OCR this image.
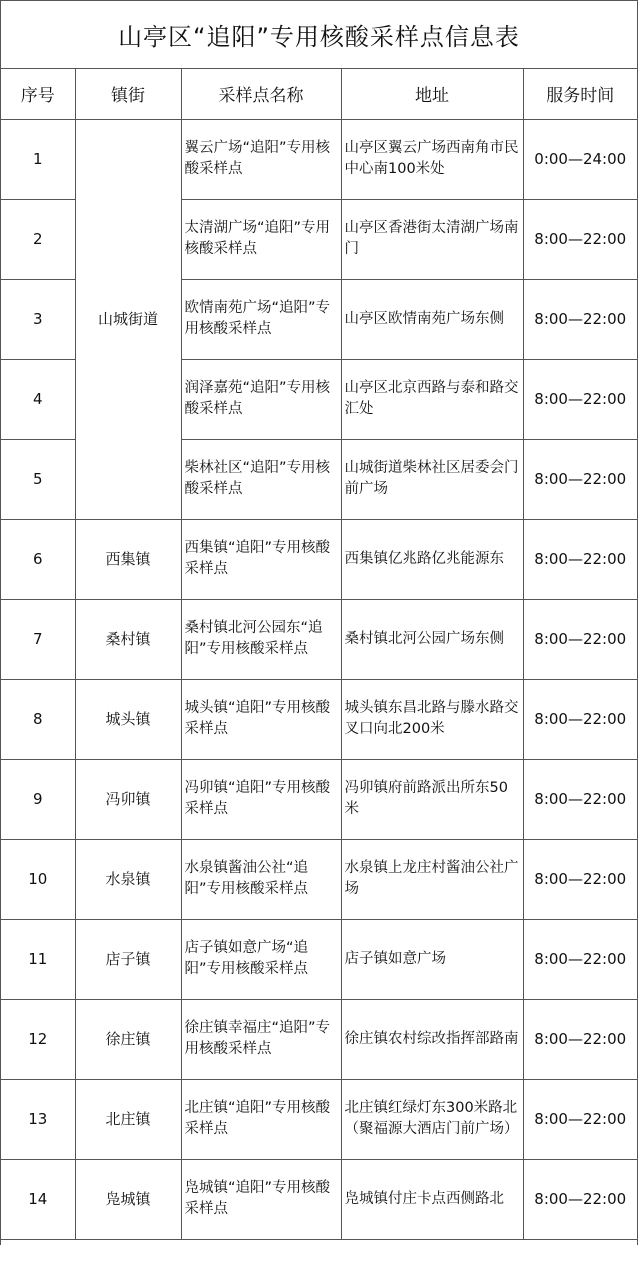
山亭区“追阳”专用核酸采样点信息表
序号	镇街	采样点名称	地址	服务时间
1	山城街道	翼云广场“追阳”专用核酸采样点	山亭区翼云广场西南角市民中心南100米处	0:00—24:00
2		太清湖广场“追阳”专用核酸采样点	山亭区香港街太清湖广场南门	8:00—22:00
3		欧情南苑广场“追阳”专用核酸采样点	山亭区欧情南苑广场东侧	8:00—22:00
4		润泽嘉苑“追阳”专用核酸采样点	山亭区北京西路与泰和路交汇处	8:00—22:00
5		柴林社区“追阳”专用核酸采样点	山城街道柴林社区居委会门前广场	8:00—22:00
6	西集镇	西集镇“追阳”专用核酸采样点	西集镇亿兆路亿兆能源东	8:00—22:00
7	桑村镇	桑村镇北河公园东“追阳”专用核酸采样点	桑村镇北河公园广场东侧	8:00—22:00
8	城头镇	城头镇“追阳”专用核酸采样点	城头镇东昌北路与滕水路交叉口向北200米	8:00—22:00
9	冯卯镇	冯卯镇“追阳”专用核酸采样点	冯卯镇府前路派出所东50米	8:00—22:00
10	水泉镇	水泉镇酱油公社“追阳”专用核酸采样点	水泉镇上龙庄村酱油公社广场	8:00—22:00
11	店子镇	店子镇如意广场“追阳”专用核酸采样点	店子镇如意广场	8:00—22:00
12	徐庄镇	徐庄镇幸福庄“追阳”专用核酸采样点	徐庄镇农村综改指挥部路南	8:00—22:00
13	北庄镇	北庄镇“追阳”专用核酸采样点	北庄镇红绿灯东300米路北（聚福源大酒店门前广场）	8:00—22:00
14	凫城镇	凫城镇“追阳”专用核酸采样点	凫城镇付庄卡点西侧路北	8:00—22:00
